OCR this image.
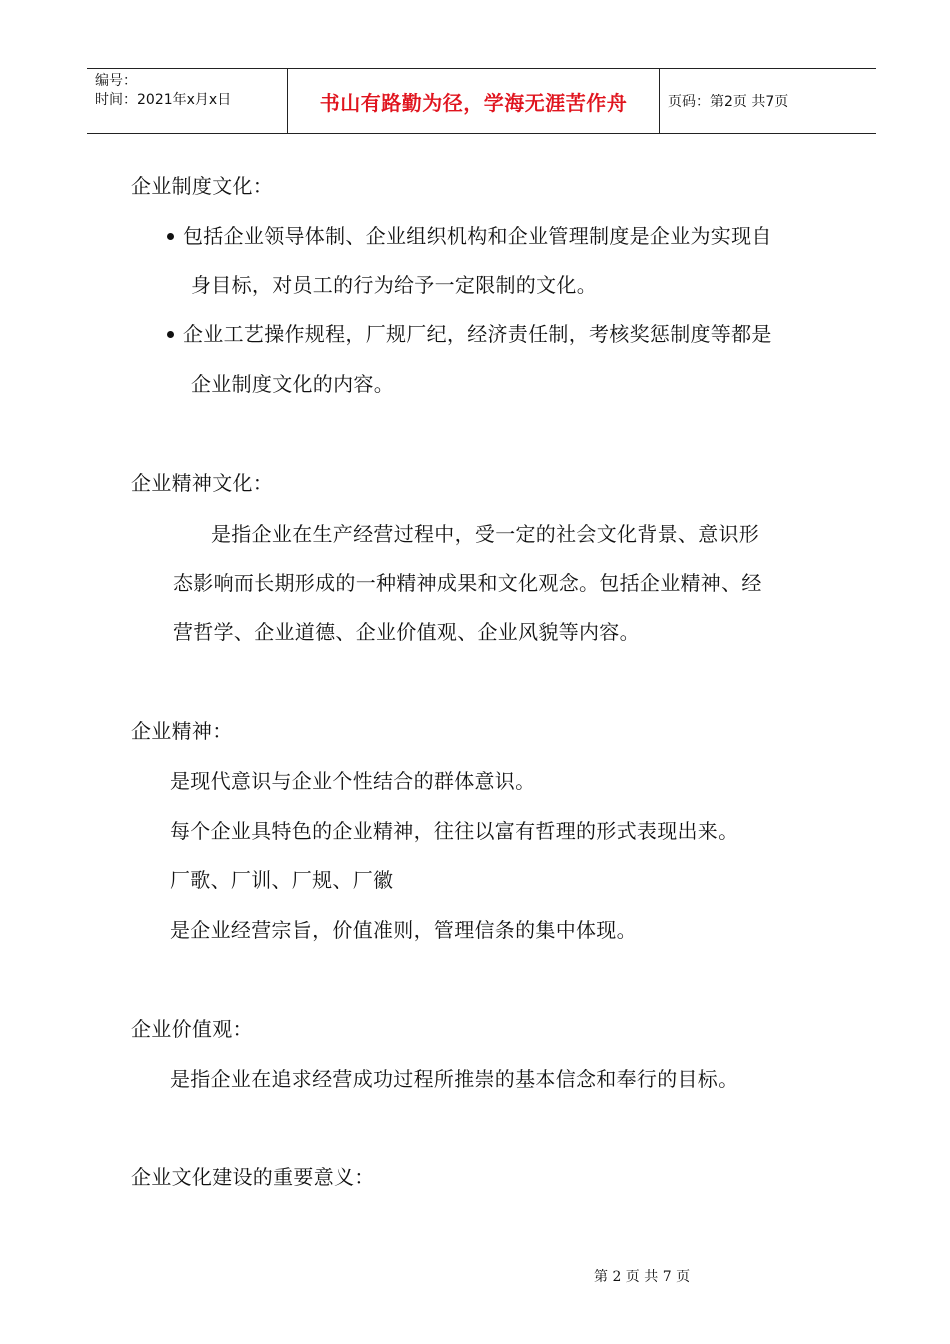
编号：
时间：2021年x月x日	书山有路勤为径，学海无涯苦作舟	页码：第2页 共7页
企业制度文化：
包括企业领导体制、企业组织机构和企业管理制度是企业为实现自
身目标，对员工的行为给予一定限制的文化。
企业工艺操作规程，厂规厂纪，经济责任制，考核奖惩制度等都是
企业制度文化的内容。
企业精神文化：
是指企业在生产经营过程中，受一定的社会文化背景、意识形
态影响而长期形成的一种精神成果和文化观念。包括企业精神、经
营哲学、企业道德、企业价值观、企业风貌等内容。
企业精神：
是现代意识与企业个性结合的群体意识。
每个企业具特色的企业精神，往往以富有哲理的形式表现出来。
厂歌、厂训、厂规、厂徽
是企业经营宗旨，价值准则，管理信条的集中体现。
企业价值观：
是指企业在追求经营成功过程所推崇的基本信念和奉行的目标。
企业文化建设的重要意义：
第 2 页 共 7 页
